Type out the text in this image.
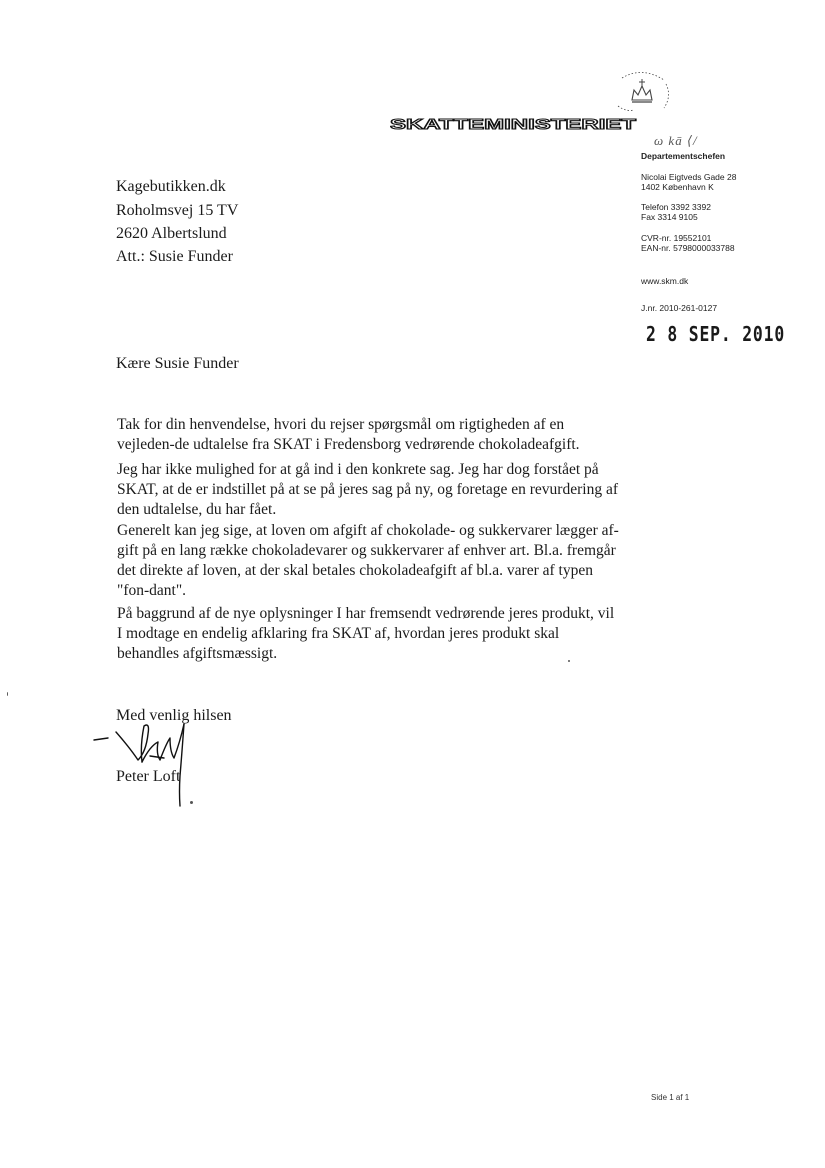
SKATTEMINISTERIET
ω kā ⟨/
Departementschefen
Nicolai Eigtveds Gade 28
1402 København K
Telefon 3392 3392
Fax 3314 9105
CVR-nr. 19552101
EAN-nr. 5798000033788
www.skm.dk
J.nr. 2010-261-0127
2 8 SEP. 2010
Kagebutikken.dk
Roholmsvej 15 TV
2620 Albertslund
Att.: Susie Funder
Kære Susie Funder
Tak for din henvendelse, hvori du rejser spørgsmål om rigtigheden af en vejleden-de udtalelse fra SKAT i Fredensborg vedrørende chokoladeafgift.
Jeg har ikke mulighed for at gå ind i den konkrete sag. Jeg har dog forstået på SKAT, at de er indstillet på at se på jeres sag på ny, og foretage en revurdering af den udtalelse, du har fået.
Generelt kan jeg sige, at loven om afgift af chokolade- og sukkervarer lægger af-gift på en lang række chokoladevarer og sukkervarer af enhver art. Bl.a. fremgår det direkte af loven, at der skal betales chokoladeafgift af bl.a. varer af typen "fon-dant".
På baggrund af de nye oplysninger I har fremsendt vedrørende jeres produkt, vil I modtage en endelig afklaring fra SKAT af, hvordan jeres produkt skal behandles afgiftsmæssigt.
Med venlig hilsen
Peter Loft
Side 1 af 1
